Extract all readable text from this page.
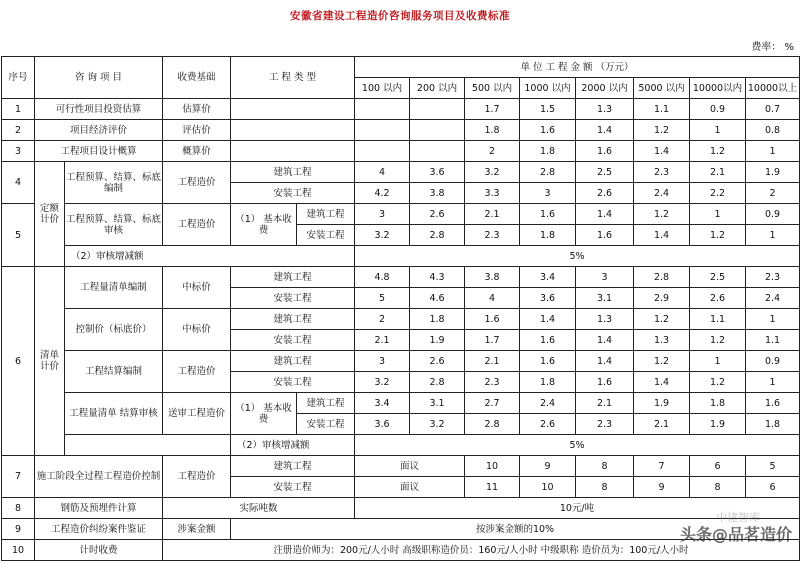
安徽省建设工程造价咨询服务项目及收费标准
费率： %
序号	咨 询 项 目		收费基础	工 程 类 型		单 位 工 程 金 额 （万元）							
						100 以内	200 以内	500 以内	1000 以内	2000 以内	5000 以内	10000以内	10000以上
1	可行性项目投资估算		估算价					1.7	1.5	1.3	1.1	0.9	0.7
2	项目经济评价		评估价					1.8	1.6	1.4	1.2	1	0.8
3	工程项目设计概算		概算价					2	1.8	1.6	1.4	1.2	1
4	定额计价	工程预算、结算、标底编制	工程造价	建筑工程		4	3.6	3.2	2.8	2.5	2.3	2.1	1.9
				安装工程		4.2	3.8	3.3	3	2.6	2.4	2.2	2
5		工程预算、结算、标底审核	工程造价	（1） 基本收费	建筑工程	3	2.6	2.1	1.6	1.4	1.2	1	0.9
					安装工程	3.2	2.8	2.3	1.8	1.6	1.4	1.2	1
		（2）审核增减额				5%							
6	清单计价	工程量清单编制	中标价	建筑工程		4.8	4.3	3.8	3.4	3	2.8	2.5	2.3
				安装工程		5	4.6	4	3.6	3.1	2.9	2.6	2.4
		控制价（标底价）	中标价	建筑工程		2	1.8	1.6	1.4	1.3	1.2	1.1	1
				安装工程		2.1	1.9	1.7	1.6	1.4	1.3	1.2	1.1
		工程结算编制	工程造价	建筑工程		3	2.6	2.1	1.6	1.4	1.2	1	0.9
				安装工程		3.2	2.8	2.3	1.8	1.6	1.4	1.2	1
		工程量清单 结算审核	送审工程造价	（1） 基本收费	建筑工程	3.4	3.1	2.7	2.4	2.1	1.9	1.8	1.6
					安装工程	3.6	3.2	2.8	2.6	2.3	2.1	1.9	1.8
				（2）审核增减额		5%							
7	施工阶段全过程工程造价控制		工程造价	建筑工程		面议		10	9	8	7	6	5
				安装工程		面议		11	10	8	9	8	6
8	钢筋及预埋件计算		实际吨数			10元/吨							
9	工程造价纠纷案件鉴证		涉案金额	按涉案金额的10%									
10	计时收费		注册造价师为：200元/人小时 高级职称造价员：160元/人小时 中级职称 造价员为：100元/人小时										
中建智库
头条@品茗造价
